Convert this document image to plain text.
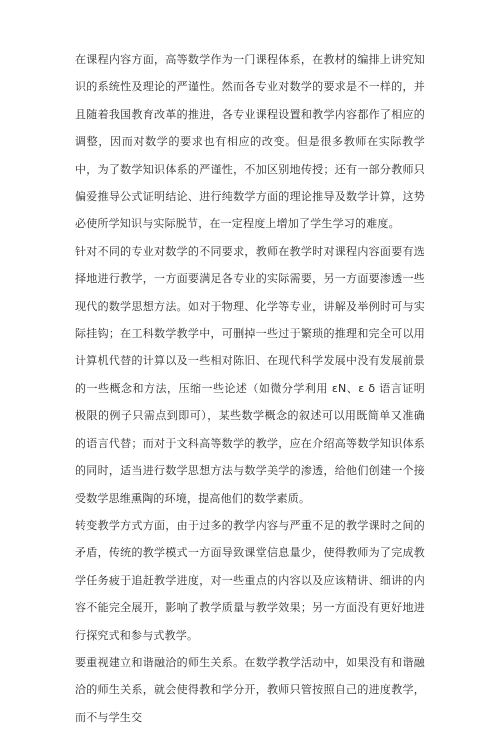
在课程内容方面，高等数学作为一门课程体系，在教材的编排上讲究知识的系统性及理论的严谨性。然而各专业对数学的要求是不一样的，并且随着我国教育改革的推进，各专业课程设置和教学内容都作了相应的调整，因而对数学的要求也有相应的改变。但是很多教师在实际教学中，为了数学知识体系的严谨性，不加区别地传授；还有一部分教师只偏爱推导公式证明结论、进行纯数学方面的理论推导及数学计算，这势必使所学知识与实际脱节，在一定程度上增加了学生学习的难度。

针对不同的专业对数学的不同要求，教师在教学时对课程内容面要有选择地进行教学，一方面要满足各专业的实际需要，另一方面要渗透一些现代的数学思想方法。如对于物理、化学等专业，讲解及举例时可与实际挂钩；在工科数学教学中，可删掉一些过于繁琐的推理和完全可以用计算机代替的计算以及一些相对陈旧、在现代科学发展中没有发展前景的一些概念和方法，压缩一些论述（如微分学利用 εN、ε δ 语言证明极限的例子只需点到即可），某些数学概念的叙述可以用既简单又准确的语言代替；而对于文科高等数学的教学，应在介绍高等数学知识体系的同时，适当进行数学思想方法与数学美学的渗透，给他们创建一个接受数学思维熏陶的环境，提高他们的数学素质。

转变教学方式方面，由于过多的教学内容与严重不足的教学课时之间的矛盾，传统的教学模式一方面导致课堂信息量少，使得教师为了完成教学任务疲于追赶教学进度，对一些重点的内容以及应该精讲、细讲的内容不能完全展开，影响了教学质量与教学效果；另一方面没有更好地进行探究式和参与式教学。

要重视建立和谐融洽的师生关系。在数学教学活动中，如果没有和谐融洽的师生关系，就会使得教和学分开，教师只管按照自己的进度教学，而不与学生交
